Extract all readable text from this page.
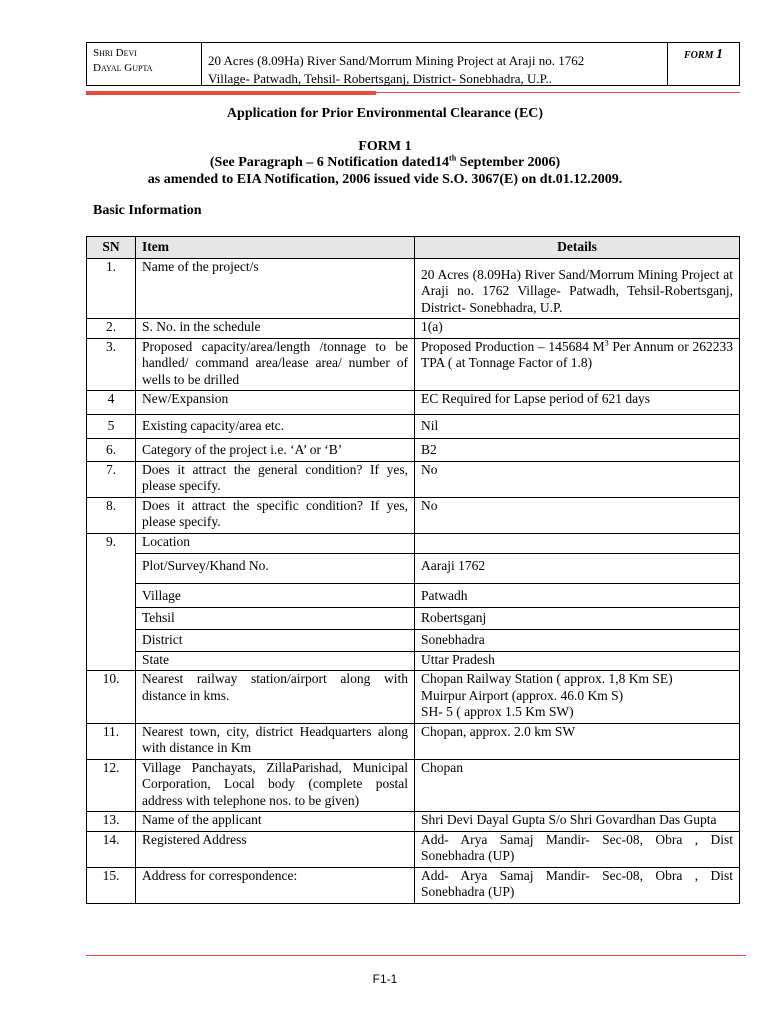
Shri Devi
Dayal Gupta	20 Acres (8.09Ha) River Sand/Morrum Mining Project at Araji no. 1762
Village- Patwadh, Tehsil- Robertsganj, District- Sonebhadra, U.P..
FORM 1
Application for Prior Environmental Clearance (EC)
FORM 1
(See Paragraph – 6 Notification dated14th September 2006)
as amended to EIA Notification, 2006 issued vide S.O. 3067(E) on dt.01.12.2009.
Basic Information
SN	Item	Details
1.	Name of the project/s	20 Acres (8.09Ha) River Sand/Morrum Mining Project at Araji no. 1762 Village- Patwadh, Tehsil-Robertsganj, District- Sonebhadra, U.P.
2.	S. No. in the schedule	1(a)
3.	Proposed capacity/area/length /tonnage to be handled/ command area/lease area/ number of wells to be drilled	Proposed Production – 145684 $M^3$ Per Annum or 262233 TPA ( at Tonnage Factor of 1.8)
4	New/Expansion	EC Required for Lapse period of 621 days
5	Existing capacity/area etc.	Nil
6.	Category of the project i.e. ‘A’ or ‘B’	B2
7.	Does it attract the general condition? If yes, please specify.	No
8.	Does it attract the specific condition? If yes, please specify.	No
9.	Location	
	Plot/Survey/Khand No.	Aaraji 1762
	Village	Patwadh
	Tehsil	Robertsganj
	District	Sonebhadra
	State	Uttar Pradesh
10.	Nearest railway station/airport along with distance in kms.	Chopan Railway Station ( approx. 1,8 Km SE)
Muirpur Airport (approx. 46.0 Km S)
SH- 5 ( approx 1.5 Km SW)

11.	Nearest town, city, district Headquarters along with distance in Km	Chopan, approx. 2.0 km SW
12.	Village Panchayats, ZillaParishad, Municipal Corporation, Local body (complete postal address with telephone nos. to be given)	Chopan
13.	Name of the applicant	Shri Devi Dayal Gupta S/o Shri Govardhan Das Gupta
14.	Registered Address	Add- Arya Samaj Mandir- Sec-08, Obra , Dist Sonebhadra (UP)
15.	Address for correspondence:	Add- Arya Samaj Mandir- Sec-08, Obra , Dist Sonebhadra (UP)
F1-1
